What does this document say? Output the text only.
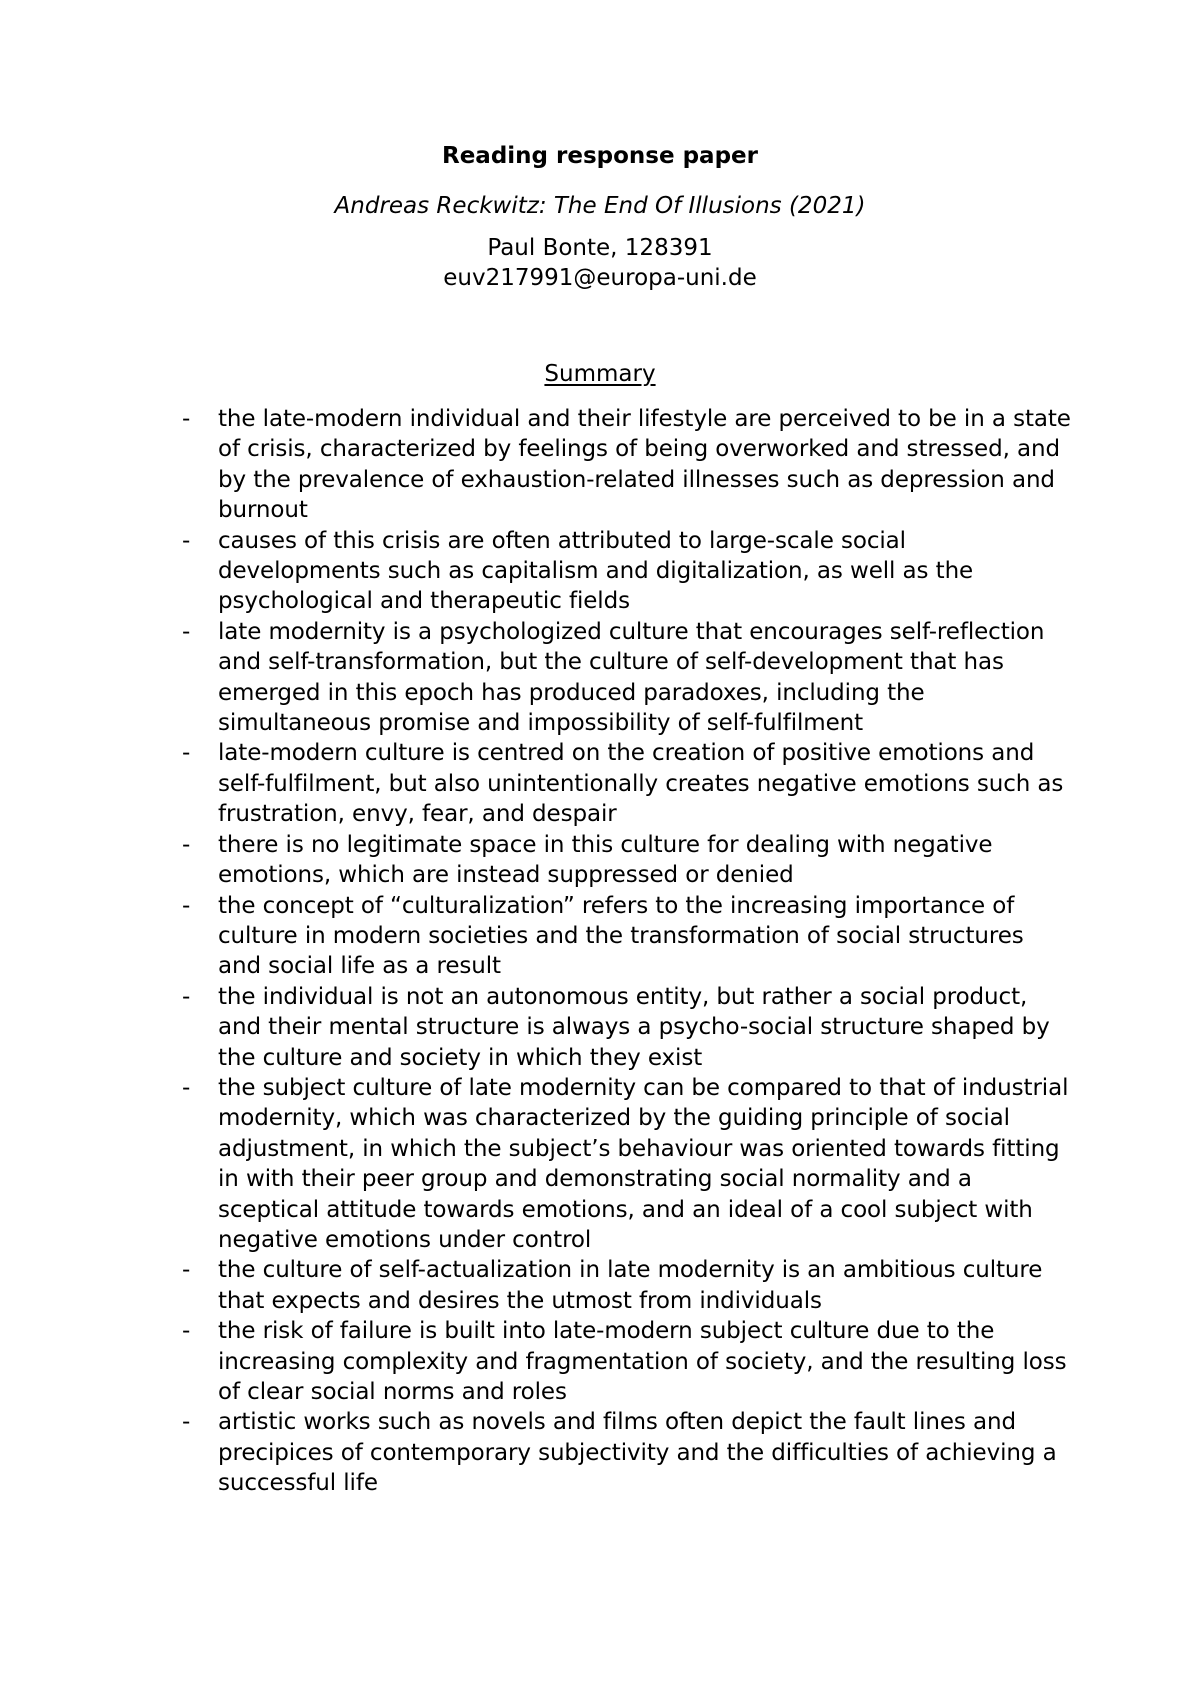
Reading response paper
Andreas Reckwitz: The End Of Illusions (2021)
Paul Bonte, 128391
euv217991@europa-uni.de
Summary
- the late-modern individual and their lifestyle are perceived to be in a state of crisis, characterized by feelings of being overworked and stressed, and by the prevalence of exhaustion-related illnesses such as depression and burnout
- causes of this crisis are often attributed to large-scale social developments such as capitalism and digitalization, as well as the psychological and therapeutic fields
- late modernity is a psychologized culture that encourages self-reflection and self-transformation, but the culture of self-development that has emerged in this epoch has produced paradoxes, including the simultaneous promise and impossibility of self-fulfilment
- late-modern culture is centred on the creation of positive emotions and self-fulfilment, but also unintentionally creates negative emotions such as frustration, envy, fear, and despair
- there is no legitimate space in this culture for dealing with negative emotions, which are instead suppressed or denied
- the concept of “culturalization” refers to the increasing importance of culture in modern societies and the transformation of social structures and social life as a result
- the individual is not an autonomous entity, but rather a social product, and their mental structure is always a psycho-social structure shaped by the culture and society in which they exist
- the subject culture of late modernity can be compared to that of industrial modernity, which was characterized by the guiding principle of social adjustment, in which the subject’s behaviour was oriented towards fitting in with their peer group and demonstrating social normality and a sceptical attitude towards emotions, and an ideal of a cool subject with negative emotions under control
- the culture of self-actualization in late modernity is an ambitious culture that expects and desires the utmost from individuals
- the risk of failure is built into late-modern subject culture due to the increasing complexity and fragmentation of society, and the resulting loss of clear social norms and roles
- artistic works such as novels and films often depict the fault lines and precipices of contemporary subjectivity and the difficulties of achieving a successful life
